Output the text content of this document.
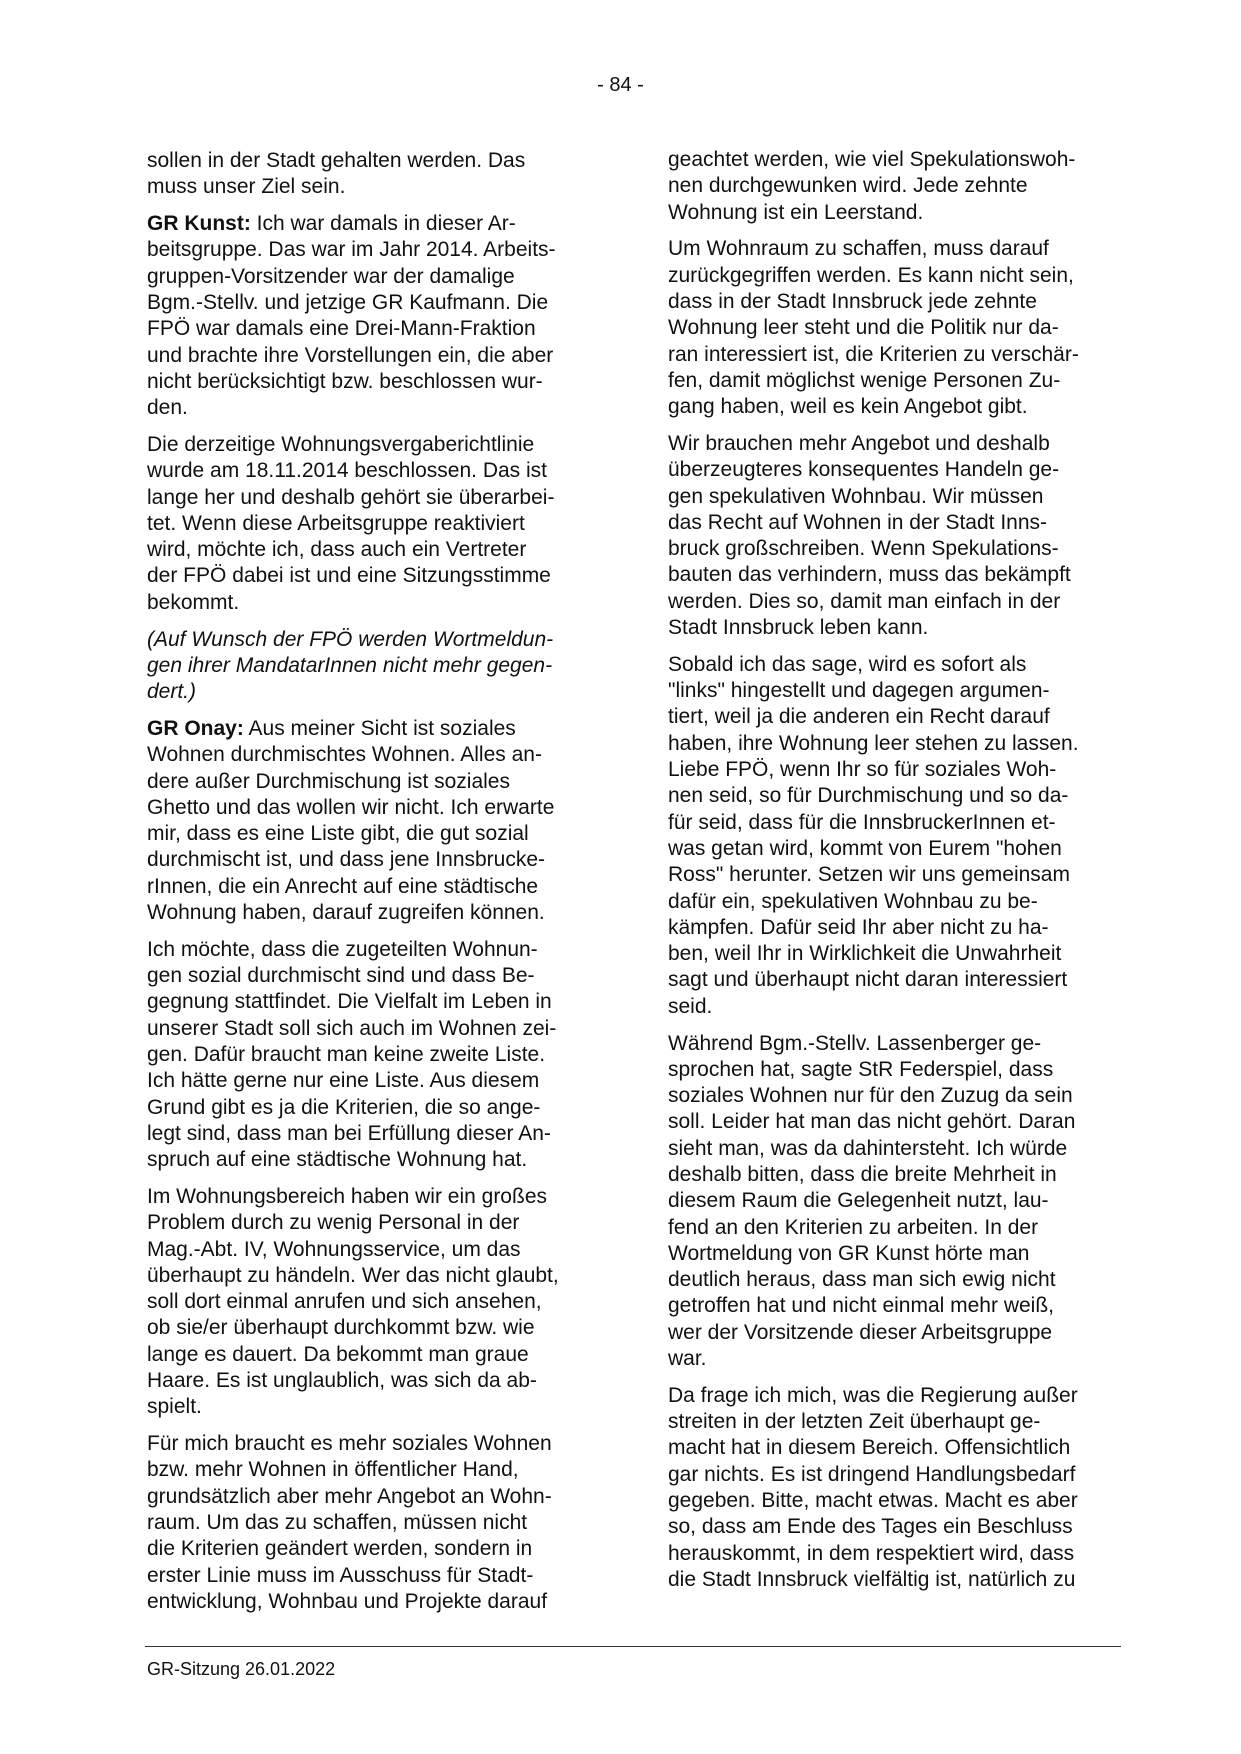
- 84 -

sollen in der Stadt gehalten werden. Das
muss unser Ziel sein.

GR Kunst: Ich war damals in dieser Ar-
beitsgruppe. Das war im Jahr 2014. Arbeits-
gruppen-Vorsitzender war der damalige
Bgm.-Stellv. und jetzige GR Kaufmann. Die
FPÖ war damals eine Drei-Mann-Fraktion
und brachte ihre Vorstellungen ein, die aber
nicht berücksichtigt bzw. beschlossen wur-
den.

Die derzeitige Wohnungsvergaberichtlinie
wurde am 18.11.2014 beschlossen. Das ist
lange her und deshalb gehört sie überarbei-
tet. Wenn diese Arbeitsgruppe reaktiviert
wird, möchte ich, dass auch ein Vertreter
der FPÖ dabei ist und eine Sitzungsstimme
bekommt.

(Auf Wunsch der FPÖ werden Wortmeldun-
gen ihrer MandatarInnen nicht mehr gegen-
dert.)

GR Onay: Aus meiner Sicht ist soziales
Wohnen durchmischtes Wohnen. Alles an-
dere außer Durchmischung ist soziales
Ghetto und das wollen wir nicht. Ich erwarte
mir, dass es eine Liste gibt, die gut sozial
durchmischt ist, und dass jene Innsbrucke-
rInnen, die ein Anrecht auf eine städtische
Wohnung haben, darauf zugreifen können.

Ich möchte, dass die zugeteilten Wohnun-
gen sozial durchmischt sind und dass Be-
gegnung stattfindet. Die Vielfalt im Leben in
unserer Stadt soll sich auch im Wohnen zei-
gen. Dafür braucht man keine zweite Liste.
Ich hätte gerne nur eine Liste. Aus diesem
Grund gibt es ja die Kriterien, die so ange-
legt sind, dass man bei Erfüllung dieser An-
spruch auf eine städtische Wohnung hat.

Im Wohnungsbereich haben wir ein großes
Problem durch zu wenig Personal in der
Mag.-Abt. IV, Wohnungsservice, um das
überhaupt zu händeln. Wer das nicht glaubt,
soll dort einmal anrufen und sich ansehen,
ob sie/er überhaupt durchkommt bzw. wie
lange es dauert. Da bekommt man graue
Haare. Es ist unglaublich, was sich da ab-
spielt.

Für mich braucht es mehr soziales Wohnen
bzw. mehr Wohnen in öffentlicher Hand,
grundsätzlich aber mehr Angebot an Wohn-
raum. Um das zu schaffen, müssen nicht
die Kriterien geändert werden, sondern in
erster Linie muss im Ausschuss für Stadt-
entwicklung, Wohnbau und Projekte darauf

geachtet werden, wie viel Spekulationswoh-
nen durchgewunken wird. Jede zehnte
Wohnung ist ein Leerstand.

Um Wohnraum zu schaffen, muss darauf
zurückgegriffen werden. Es kann nicht sein,
dass in der Stadt Innsbruck jede zehnte
Wohnung leer steht und die Politik nur da-
ran interessiert ist, die Kriterien zu verschär-
fen, damit möglichst wenige Personen Zu-
gang haben, weil es kein Angebot gibt.

Wir brauchen mehr Angebot und deshalb
überzeugteres konsequentes Handeln ge-
gen spekulativen Wohnbau. Wir müssen
das Recht auf Wohnen in der Stadt Inns-
bruck großschreiben. Wenn Spekulations-
bauten das verhindern, muss das bekämpft
werden. Dies so, damit man einfach in der
Stadt Innsbruck leben kann.

Sobald ich das sage, wird es sofort als
"links" hingestellt und dagegen argumen-
tiert, weil ja die anderen ein Recht darauf
haben, ihre Wohnung leer stehen zu lassen.
Liebe FPÖ, wenn Ihr so für soziales Woh-
nen seid, so für Durchmischung und so da-
für seid, dass für die InnsbruckerInnen et-
was getan wird, kommt von Eurem "hohen
Ross" herunter. Setzen wir uns gemeinsam
dafür ein, spekulativen Wohnbau zu be-
kämpfen. Dafür seid Ihr aber nicht zu ha-
ben, weil Ihr in Wirklichkeit die Unwahrheit
sagt und überhaupt nicht daran interessiert
seid.

Während Bgm.-Stellv. Lassenberger ge-
sprochen hat, sagte StR Federspiel, dass
soziales Wohnen nur für den Zuzug da sein
soll. Leider hat man das nicht gehört. Daran
sieht man, was da dahintersteht. Ich würde
deshalb bitten, dass die breite Mehrheit in
diesem Raum die Gelegenheit nutzt, lau-
fend an den Kriterien zu arbeiten. In der
Wortmeldung von GR Kunst hörte man
deutlich heraus, dass man sich ewig nicht
getroffen hat und nicht einmal mehr weiß,
wer der Vorsitzende dieser Arbeitsgruppe
war.

Da frage ich mich, was die Regierung außer
streiten in der letzten Zeit überhaupt ge-
macht hat in diesem Bereich. Offensichtlich
gar nichts. Es ist dringend Handlungsbedarf
gegeben. Bitte, macht etwas. Macht es aber
so, dass am Ende des Tages ein Beschluss
herauskommt, in dem respektiert wird, dass
die Stadt Innsbruck vielfältig ist, natürlich zu

GR-Sitzung 26.01.2022
